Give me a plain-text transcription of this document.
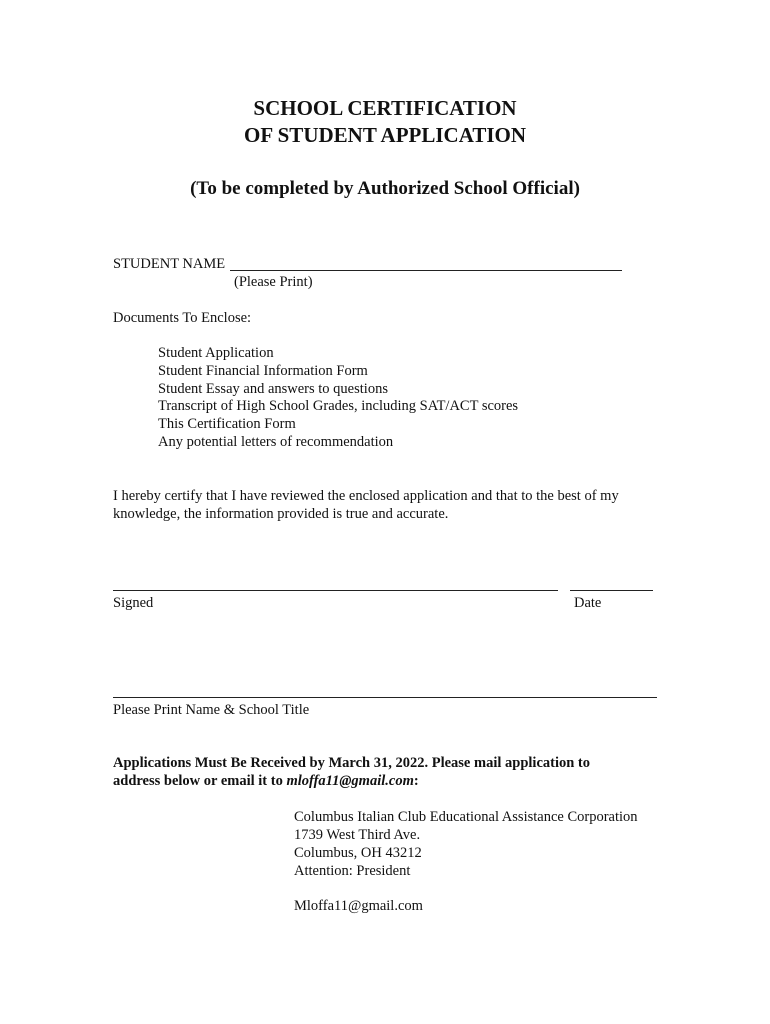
SCHOOL CERTIFICATION
OF STUDENT APPLICATION
(To be completed by Authorized School Official)
STUDENT NAME
(Please Print)
Documents To Enclose:
Student Application
Student Financial Information Form
Student Essay and answers to questions
Transcript of High School Grades, including SAT/ACT scores
This Certification Form
Any potential letters of recommendation
I hereby certify that I have reviewed the enclosed application and that to the best of my
knowledge, the information provided is true and accurate.
Signed	Date
Please Print Name & School Title
Applications Must Be Received by March 31, 2022. Please mail application to
address below or email it to mloffa11@gmail.com:
Columbus Italian Club Educational Assistance Corporation
1739 West Third Ave.
Columbus, OH 43212
Attention: President
Mloffa11@gmail.com
